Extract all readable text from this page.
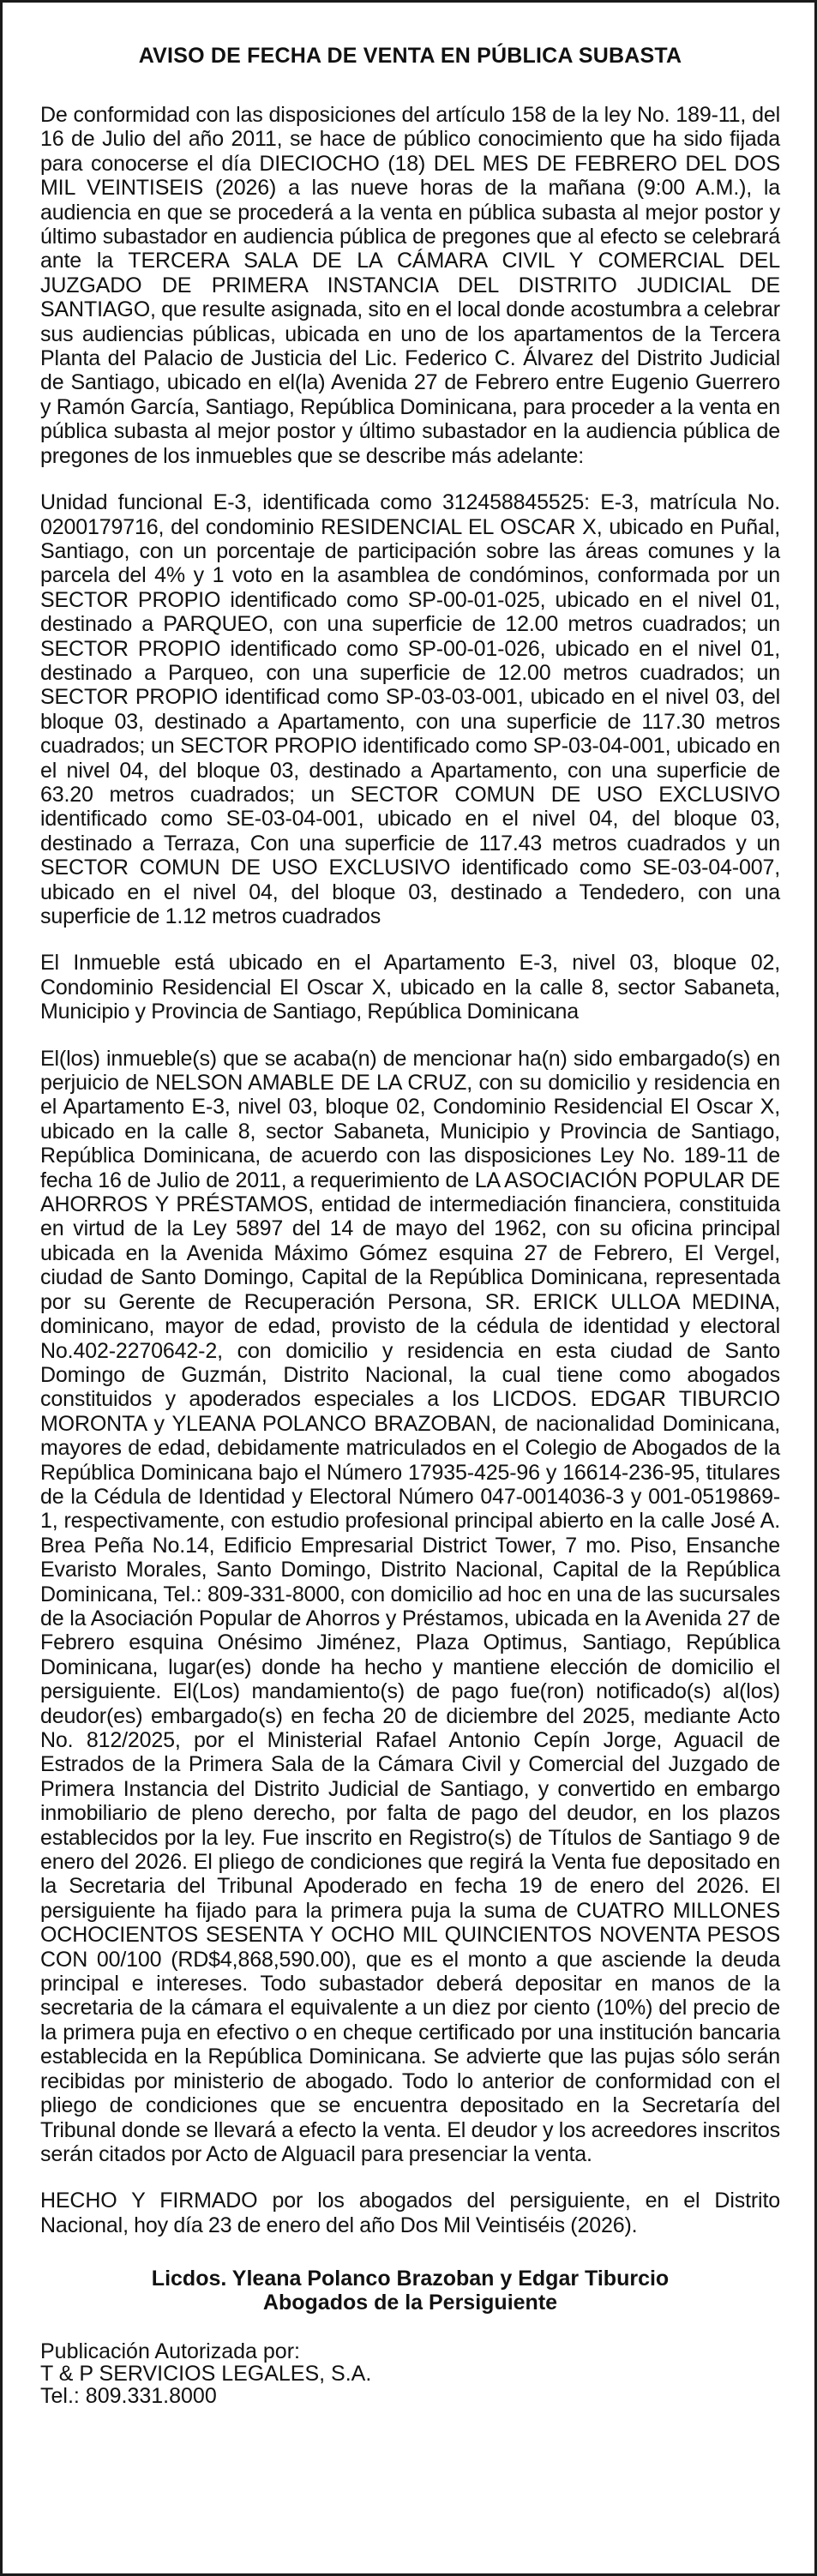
AVISO DE FECHA DE VENTA EN PÚBLICA SUBASTA

De conformidad con las disposiciones del artículo 158 de la ley No. 189-11, del 16 de Julio del año 2011, se hace de público conocimiento que ha sido fijada para conocerse el día DIECIOCHO (18) DEL MES DE FEBRERO DEL DOS MIL VEINTISEIS (2026) a las nueve horas de la mañana (9:00 A.M.), la audiencia en que se procederá a la venta en pública subasta al mejor postor y último subastador en audiencia pública de pregones que al efecto se celebrará ante la TERCERA SALA DE LA CÁMARA CIVIL Y COMERCIAL DEL JUZGADO DE PRIMERA INSTANCIA DEL DISTRITO JUDICIAL DE SANTIAGO, que resulte asignada, sito en el local donde acostumbra a celebrar sus audiencias públicas, ubicada en uno de los apartamentos de la Tercera Planta del Palacio de Justicia del Lic. Federico C. Álvarez del Distrito Judicial de Santiago, ubicado en el(la) Avenida 27 de Febrero entre Eugenio Guerrero y Ramón García, Santiago, República Dominicana, para proceder a la venta en pública subasta al mejor postor y último subastador en la audiencia pública de pregones de los inmuebles que se describe más adelante:

Unidad funcional E-3, identificada como 312458845525: E-3, matrícula No. 0200179716, del condominio RESIDENCIAL EL OSCAR X, ubicado en Puñal, Santiago, con un porcentaje de participación sobre las áreas comunes y la parcela del 4% y 1 voto en la asamblea de condóminos, conformada por un SECTOR PROPIO identificado como SP-00-01-025, ubicado en el nivel 01, destinado a PARQUEO, con una superficie de 12.00 metros cuadrados; un SECTOR PROPIO identificado como SP-00-01-026, ubicado en el nivel 01, destinado a Parqueo, con una superficie de 12.00 metros cuadrados; un SECTOR PROPIO identificad como SP-03-03-001, ubicado en el nivel 03, del bloque 03, destinado a Apartamento, con una superficie de 117.30 metros cuadrados; un SECTOR PROPIO identificado como SP-03-04-001, ubicado en el nivel 04, del bloque 03, destinado a Apartamento, con una superficie de 63.20 metros cuadrados; un SECTOR COMUN DE USO EXCLUSIVO identificado como SE-03-04-001, ubicado en el nivel 04, del bloque 03, destinado a Terraza, Con una superficie de 117.43 metros cuadrados y un SECTOR COMUN DE USO EXCLUSIVO identificado como SE-03-04-007, ubicado en el nivel 04, del bloque 03, destinado a Tendedero, con una superficie de 1.12 metros cuadrados

El Inmueble está ubicado en el Apartamento E-3, nivel 03, bloque 02, Condominio Residencial El Oscar X, ubicado en la calle 8, sector Sabaneta, Municipio y Provincia de Santiago, República Dominicana

El(los) inmueble(s) que se acaba(n) de mencionar ha(n) sido embargado(s) en perjuicio de NELSON AMABLE DE LA CRUZ, con su domicilio y residencia en el Apartamento E-3, nivel 03, bloque 02, Condominio Residencial El Oscar X, ubicado en la calle 8, sector Sabaneta, Municipio y Provincia de Santiago, República Dominicana, de acuerdo con las disposiciones Ley No. 189-11 de fecha 16 de Julio de 2011, a requerimiento de LA ASOCIACIÓN POPULAR DE AHORROS Y PRÉSTAMOS, entidad de intermediación financiera, constituida en virtud de la Ley 5897 del 14 de mayo del 1962, con su oficina principal ubicada en la Avenida Máximo Gómez esquina 27 de Febrero, El Vergel, ciudad de Santo Domingo, Capital de la República Dominicana, representada por su Gerente de Recuperación Persona, SR. ERICK ULLOA MEDINA, dominicano, mayor de edad, provisto de la cédula de identidad y electoral No.402-2270642-2, con domicilio y residencia en esta ciudad de Santo Domingo de Guzmán, Distrito Nacional, la cual tiene como abogados constituidos y apoderados especiales a los LICDOS. EDGAR TIBURCIO MORONTA y YLEANA POLANCO BRAZOBAN, de nacionalidad Dominicana, mayores de edad, debidamente matriculados en el Colegio de Abogados de la República Dominicana bajo el Número 17935-425-96 y 16614-236-95, titulares de la Cédula de Identidad y Electoral Número 047-0014036-3 y 001-0519869-1, respectivamente, con estudio profesional principal abierto en la calle José A. Brea Peña No.14, Edificio Empresarial District Tower, 7 mo. Piso, Ensanche Evaristo Morales, Santo Domingo, Distrito Nacional, Capital de la República Dominicana, Tel.: 809-331-8000, con domicilio ad hoc en una de las sucursales de la Asociación Popular de Ahorros y Préstamos, ubicada en la Avenida 27 de Febrero esquina Onésimo Jiménez, Plaza Optimus, Santiago, República Dominicana, lugar(es) donde ha hecho y mantiene elección de domicilio el persiguiente. El(Los) mandamiento(s) de pago fue(ron) notificado(s) al(los) deudor(es) embargado(s) en fecha 20 de diciembre del 2025, mediante Acto No. 812/2025, por el Ministerial Rafael Antonio Cepín Jorge, Aguacil de Estrados de la Primera Sala de la Cámara Civil y Comercial del Juzgado de Primera Instancia del Distrito Judicial de Santiago, y convertido en embargo inmobiliario de pleno derecho, por falta de pago del deudor, en los plazos establecidos por la ley. Fue inscrito en Registro(s) de Títulos de Santiago 9 de enero del 2026. El pliego de condiciones que regirá la Venta fue depositado en la Secretaria del Tribunal Apoderado en fecha 19 de enero del 2026. El persiguiente ha fijado para la primera puja la suma de CUATRO MILLONES OCHOCIENTOS SESENTA Y OCHO MIL QUINCIENTOS NOVENTA PESOS CON 00/100 (RD$4,868,590.00), que es el monto a que asciende la deuda principal e intereses. Todo subastador deberá depositar en manos de la secretaria de la cámara el equivalente a un diez por ciento (10%) del precio de la primera puja en efectivo o en cheque certificado por una institución bancaria establecida en la República Dominicana. Se advierte que las pujas sólo serán recibidas por ministerio de abogado. Todo lo anterior de conformidad con el pliego de condiciones que se encuentra depositado en la Secretaría del Tribunal donde se llevará a efecto la venta. El deudor y los acreedores inscritos serán citados por Acto de Alguacil para presenciar la venta.

HECHO Y FIRMADO por los abogados del persiguiente, en el Distrito Nacional, hoy día 23 de enero del año Dos Mil Veintiséis (2026).

Licdos. Yleana Polanco Brazoban y Edgar Tiburcio
Abogados de la Persiguiente
Publicación Autorizada por:
T & P SERVICIOS LEGALES, S.A.
Tel.: 809.331.8000
